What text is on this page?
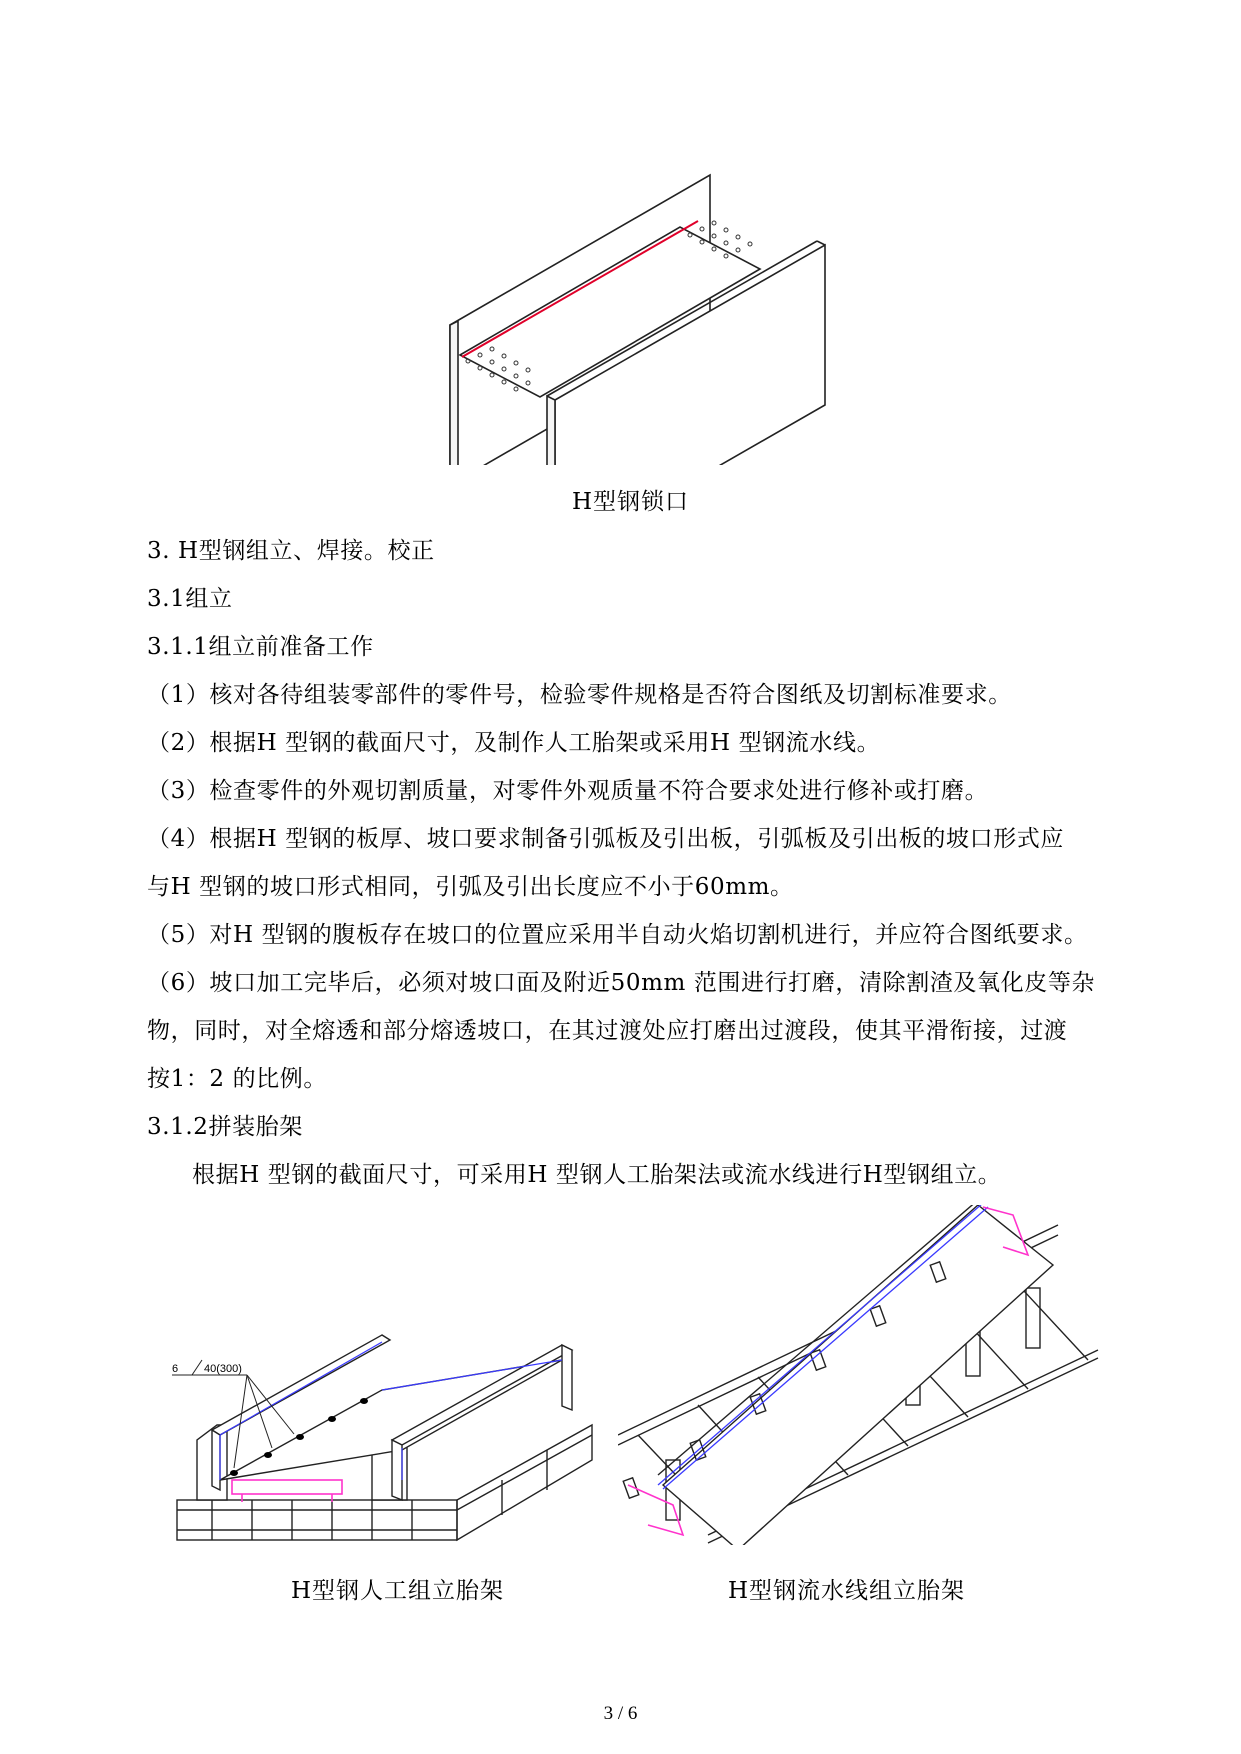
H型钢锁口
3. H型钢组立、焊接。校正
3.1组立
3.1.1组立前准备工作
（1）核对各待组装零部件的零件号，检验零件规格是否符合图纸及切割标准要求。
（2）根据H 型钢的截面尺寸，及制作人工胎架或采用H 型钢流水线。
（3）检查零件的外观切割质量，对零件外观质量不符合要求处进行修补或打磨。
（4）根据H 型钢的板厚、坡口要求制备引弧板及引出板，引弧板及引出板的坡口形式应
与H 型钢的坡口形式相同，引弧及引出长度应不小于60mm。
（5）对H 型钢的腹板存在坡口的位置应采用半自动火焰切割机进行，并应符合图纸要求。
（6）坡口加工完毕后，必须对坡口面及附近50mm 范围进行打磨，清除割渣及氧化皮等杂
物，同时，对全熔透和部分熔透坡口，在其过渡处应打磨出过渡段，使其平滑衔接，过渡
按1：2 的比例。
3.1.2拼装胎架
根据H 型钢的截面尺寸，可采用H 型钢人工胎架法或流水线进行H型钢组立。
6 40(300)
H型钢人工组立胎架	H型钢流水线组立胎架
3 / 6
